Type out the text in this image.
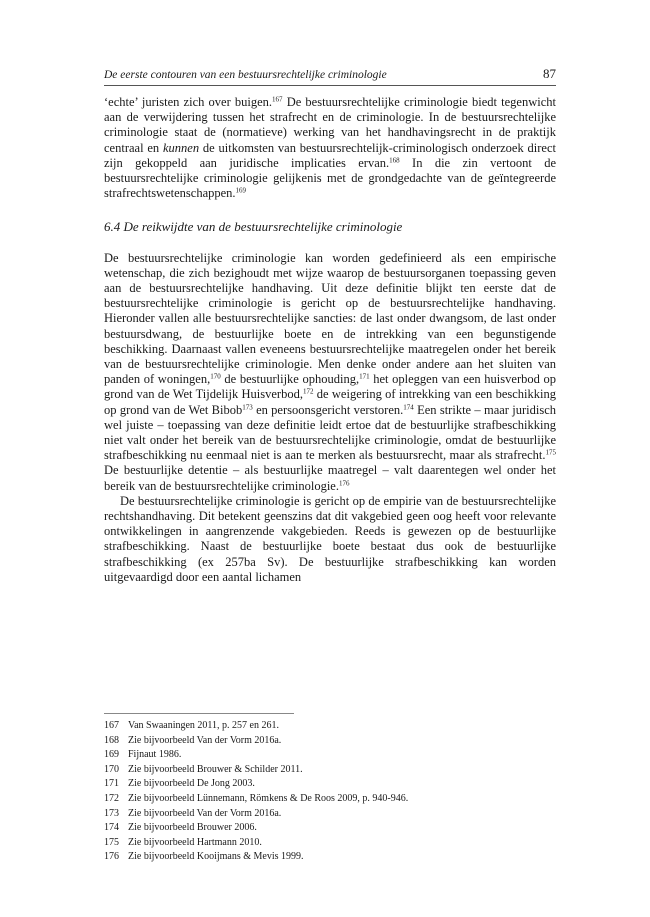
De eerste contouren van een bestuursrechtelijke criminologie	87

‘echte’ juristen zich over buigen.$^{167}$ De bestuursrechtelijke criminologie biedt tegenwicht aan de verwijdering tussen het strafrecht en de criminologie. In de bestuursrechtelijke criminologie staat de (normatieve) werking van het handhavingsrecht in de praktijk centraal en kunnen de uitkomsten van bestuursrechtelijk-criminologisch onderzoek direct zijn gekoppeld aan juridische implicaties ervan.$^{168}$ In die zin vertoont de bestuursrechtelijke criminologie gelijkenis met de grondgedachte van de geïntegreerde strafrechtswetenschappen.$^{169}$

6.4 De reikwijdte van de bestuursrechtelijke criminologie

De bestuursrechtelijke criminologie kan worden gedefinieerd als een empirische wetenschap, die zich bezighoudt met wijze waarop de bestuursorganen toepassing geven aan de bestuursrechtelijke handhaving. Uit deze definitie blijkt ten eerste dat de bestuursrechtelijke criminologie is gericht op de bestuursrechtelijke handhaving. Hieronder vallen alle bestuursrechtelijke sancties: de last onder dwangsom, de last onder bestuursdwang, de bestuurlijke boete en de intrekking van een begunstigende beschikking. Daarnaast vallen eveneens bestuursrechtelijke maatregelen onder het bereik van de bestuursrechtelijke criminologie. Men denke onder andere aan het sluiten van panden of woningen,$^{170}$ de bestuurlijke ophouding,$^{171}$ het opleggen van een huisverbod op grond van de Wet Tijdelijk Huisverbod,$^{172}$ de weigering of intrekking van een beschikking op grond van de Wet Bibob$^{173}$ en persoonsgericht verstoren.$^{174}$ Een strikte – maar juridisch wel juiste – toepassing van deze definitie leidt ertoe dat de bestuurlijke strafbeschikking niet valt onder het bereik van de bestuursrechtelijke criminologie, omdat de bestuurlijke strafbeschikking nu eenmaal niet is aan te merken als bestuursrecht, maar als strafrecht.$^{175}$ De bestuurlijke detentie – als bestuurlijke maatregel – valt daarentegen wel onder het bereik van de bestuursrechtelijke criminologie.$^{176}$

De bestuursrechtelijke criminologie is gericht op de empirie van de bestuursrechtelijke rechtshandhaving. Dit betekent geenszins dat dit vakgebied geen oog heeft voor relevante ontwikkelingen in aangrenzende vakgebieden. Reeds is gewezen op de bestuurlijke strafbeschikking. Naast de bestuurlijke boete bestaat dus ook de bestuurlijke strafbeschikking (ex 257ba Sv). De bestuurlijke strafbeschikking kan worden uitgevaardigd door een aantal lichamen

167 Van Swaaningen 2011, p. 257 en 261.
168 Zie bijvoorbeeld Van der Vorm 2016a.
169 Fijnaut 1986.
170 Zie bijvoorbeeld Brouwer & Schilder 2011.
171 Zie bijvoorbeeld De Jong 2003.
172 Zie bijvoorbeeld Lünnemann, Römkens & De Roos 2009, p. 940-946.
173 Zie bijvoorbeeld Van der Vorm 2016a.
174 Zie bijvoorbeeld Brouwer 2006.
175 Zie bijvoorbeeld Hartmann 2010.
176 Zie bijvoorbeeld Kooijmans & Mevis 1999.
